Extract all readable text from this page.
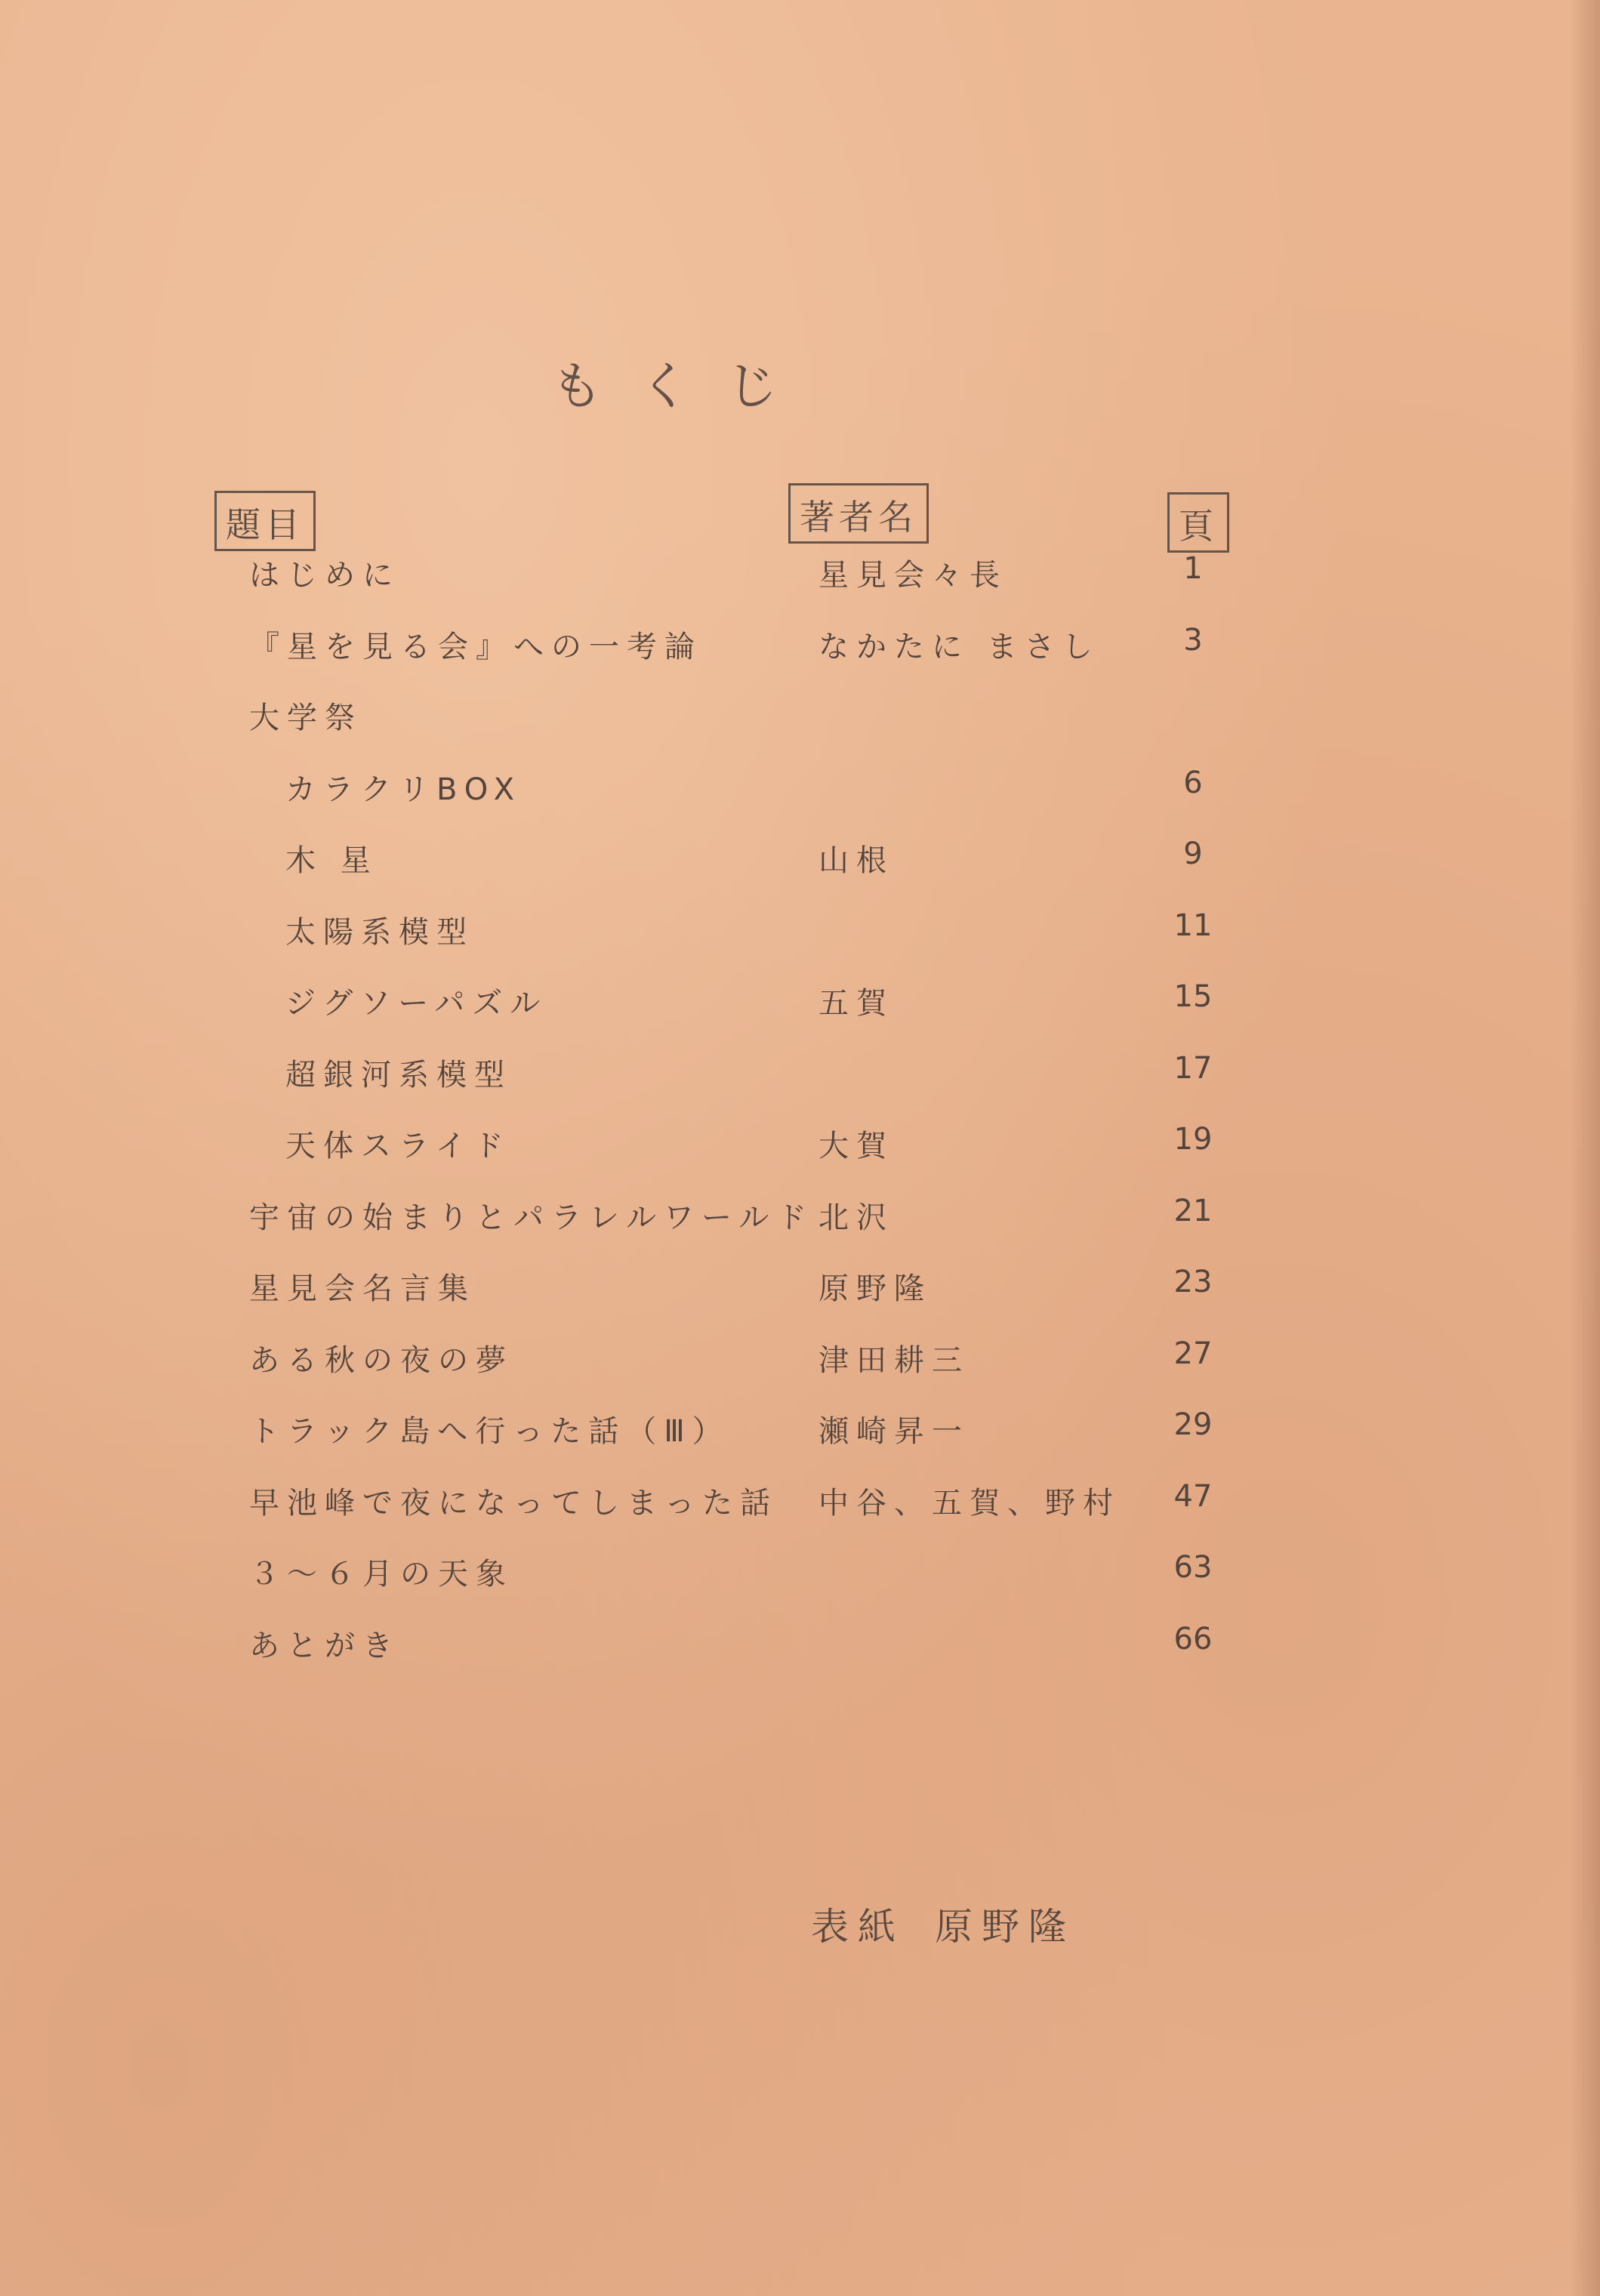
もくじ
題目	著者名	頁
はじめに	星見会々長	1
『星を見る会』への一考論	なかたに まさし	3
大学祭
カラクリBOX	6
木 星	山根	9
太陽系模型	11
ジグソーパズル	五賀	15
超銀河系模型	17
天体スライド	大賀	19
宇宙の始まりとパラレルワールド 北沢	21
星見会名言集	原野隆	23
ある秋の夜の夢	津田耕三	27
トラック島へ行った話（Ⅲ）	瀬崎昇一	29
早池峰で夜になってしまった話 中谷、五賀、野村	47
３～６月の天象	63
あとがき	66
表紙 原野隆
